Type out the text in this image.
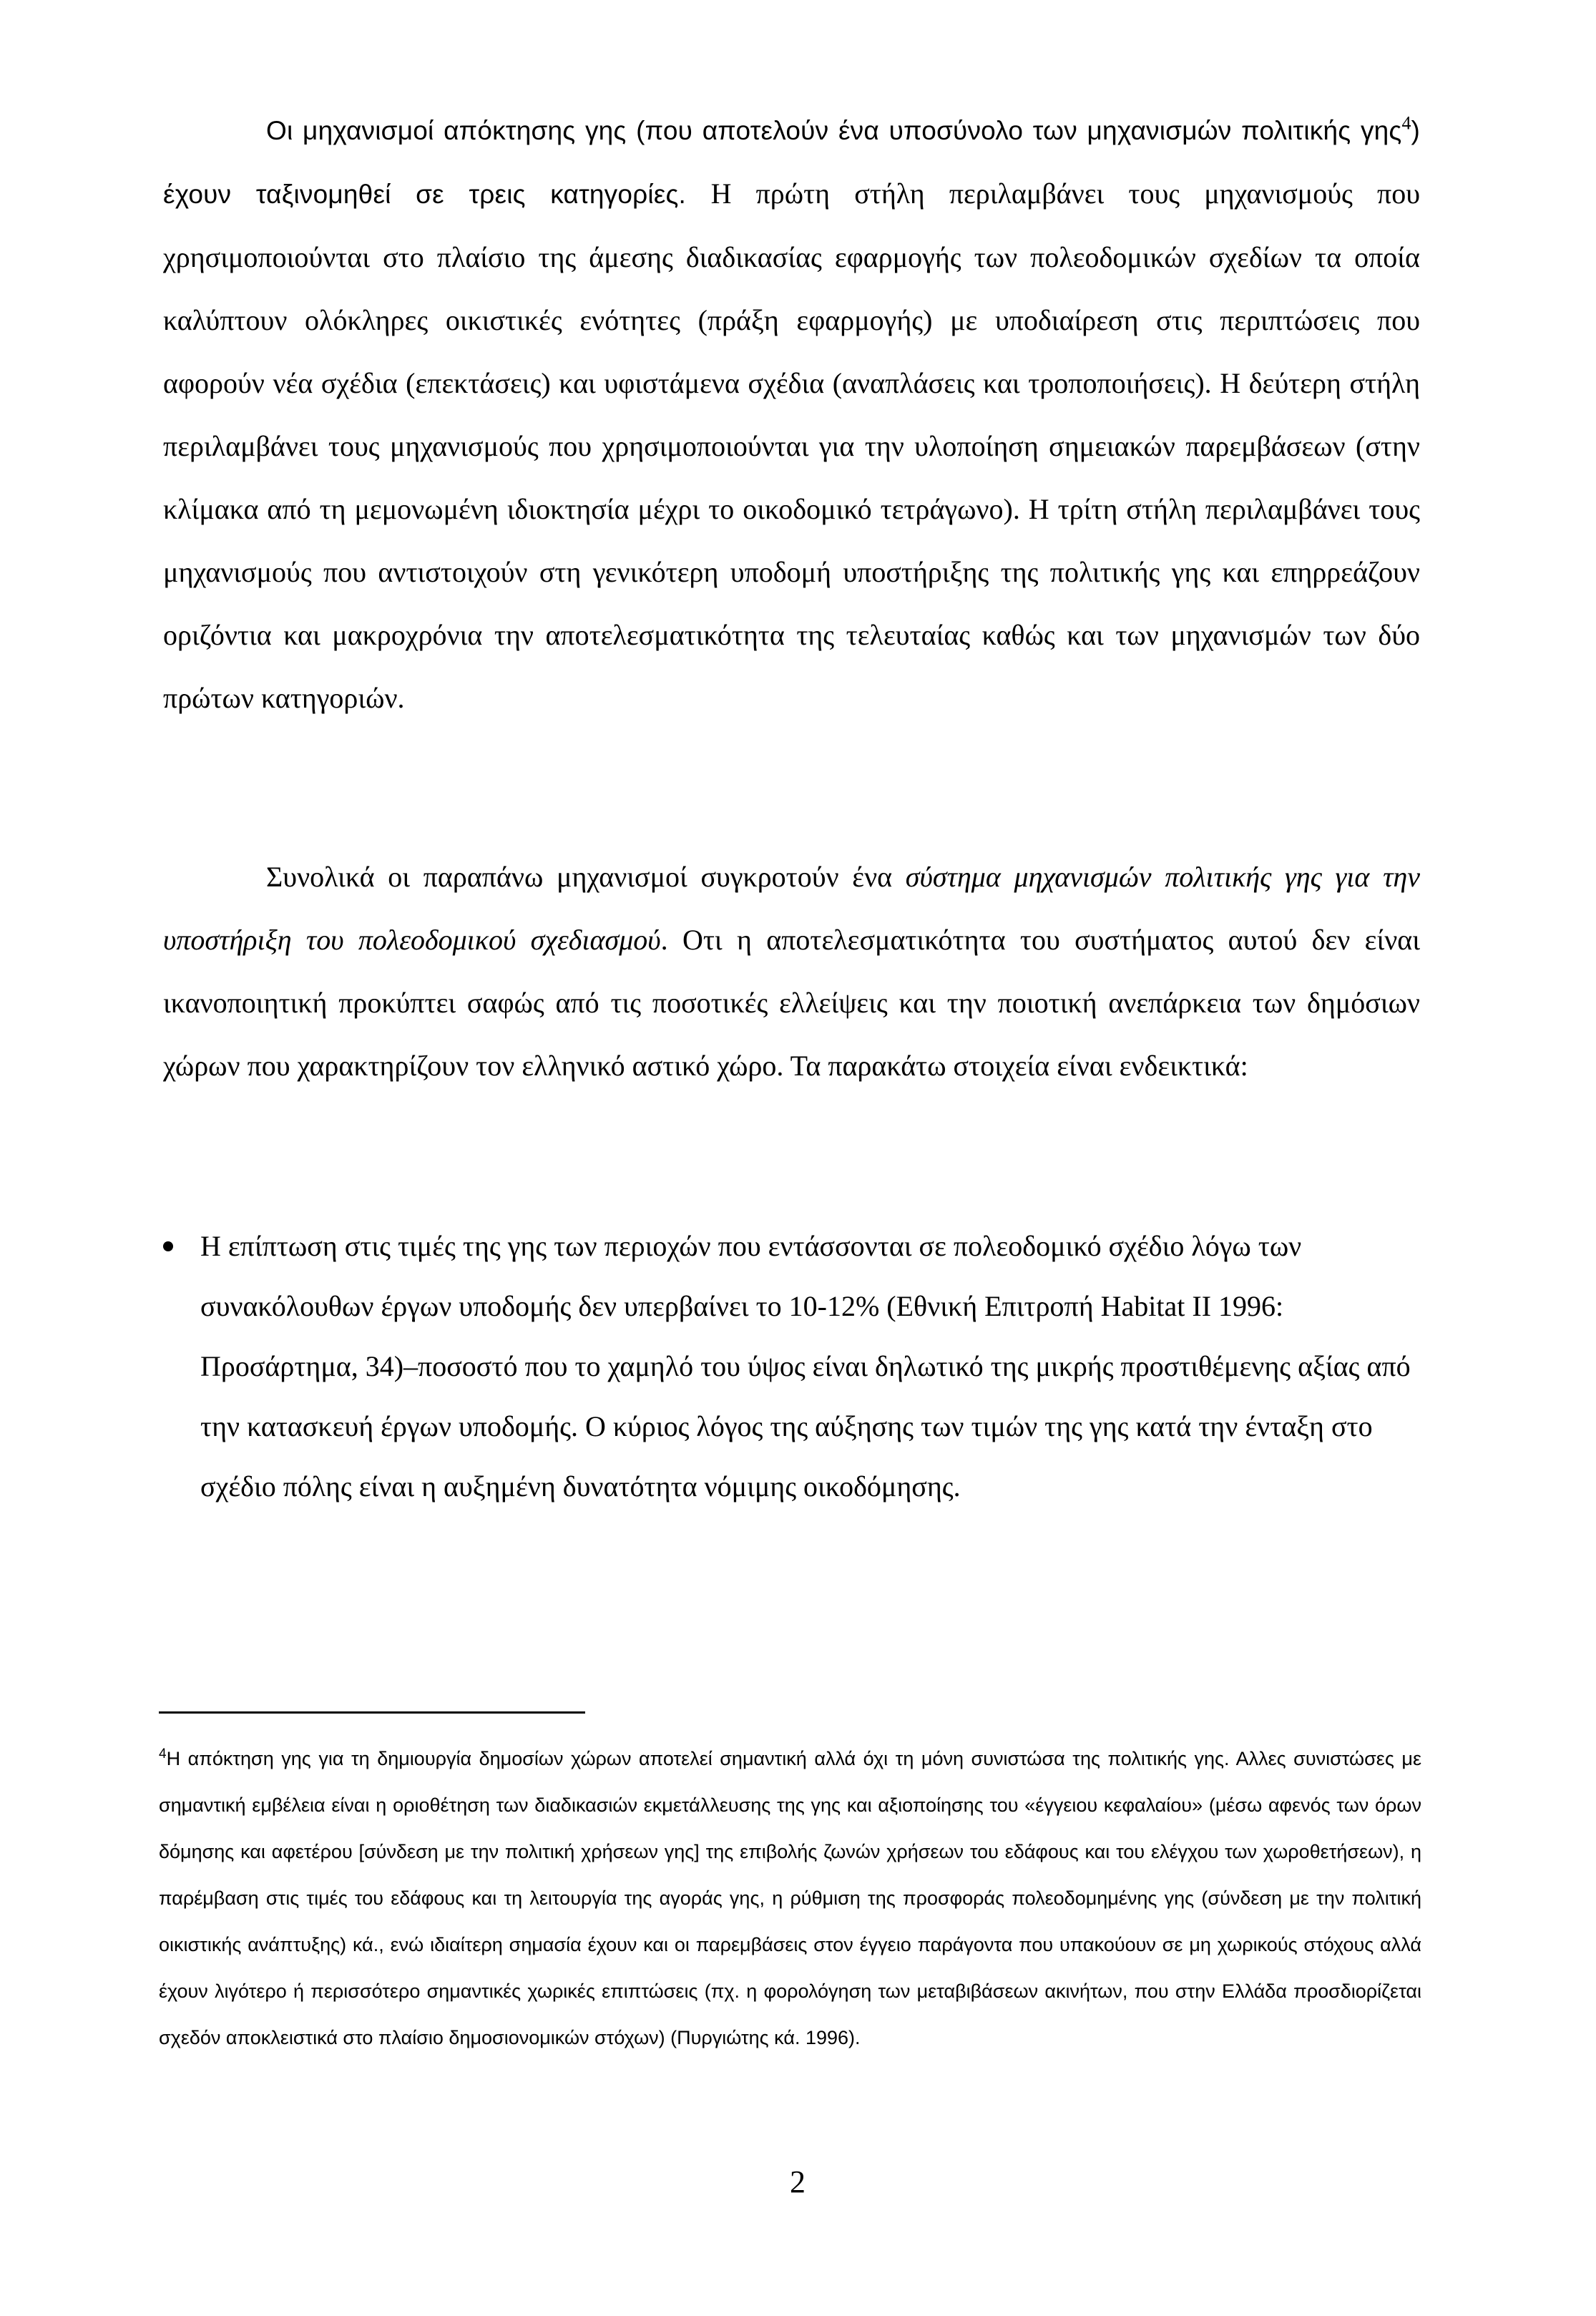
Οι μηχανισμοί απόκτησης γης (που αποτελούν ένα υποσύνολο των μηχανισμών πολιτικής γης$^4$) έχουν ταξινομηθεί σε τρεις κατηγορίες. Η πρώτη στήλη περιλαμβάνει τους μηχανισμούς που χρησιμοποιούνται στο πλαίσιο της άμεσης διαδικασίας εφαρμογής των πολεοδομικών σχεδίων τα οποία καλύπτουν ολόκληρες οικιστικές ενότητες (πράξη εφαρμογής) με υποδιαίρεση στις περιπτώσεις που αφορούν νέα σχέδια (επεκτάσεις) και υφιστάμενα σχέδια (αναπλάσεις και τροποποιήσεις). Η δεύτερη στήλη περιλαμβάνει τους μηχανισμούς που χρησιμοποιούνται για την υλοποίηση σημειακών παρεμβάσεων (στην κλίμακα από τη μεμονωμένη ιδιοκτησία μέχρι το οικοδομικό τετράγωνο). Η τρίτη στήλη περιλαμβάνει τους μηχανισμούς που αντιστοιχούν στη γενικότερη υποδομή υποστήριξης της πολιτικής γης και επηρρεάζουν οριζόντια και μακροχρόνια την αποτελεσματικότητα της τελευταίας καθώς και των μηχανισμών των δύο πρώτων κατηγοριών.

Συνολικά οι παραπάνω μηχανισμοί συγκροτούν ένα σύστημα μηχανισμών πολιτικής γης για την υποστήριξη του πολεοδομικού σχεδιασμού. Οτι η αποτελεσματικότητα του συστήματος αυτού δεν είναι ικανοποιητική προκύπτει σαφώς από τις ποσοτικές ελλείψεις και την ποιοτική ανεπάρκεια των δημόσιων χώρων που χαρακτηρίζουν τον ελληνικό αστικό χώρο. Τα παρακάτω στοιχεία είναι ενδεικτικά:

Η επίπτωση στις τιμές της γης των περιοχών που εντάσσονται σε πολεοδομικό σχέδιο λόγω των συνακόλουθων έργων υποδομής δεν υπερβαίνει το 10-12% (Εθνική Επιτροπή Habitat II 1996: Προσάρτημα, 34)–ποσοστό που το χαμηλό του ύψος είναι δηλωτικό της μικρής προστιθέμενης αξίας από την κατασκευή έργων υποδομής. Ο κύριος λόγος της αύξησης των τιμών της γης κατά την ένταξη στο σχέδιο πόλης είναι η αυξημένη δυνατότητα νόμιμης οικοδόμησης.

$^4$Η απόκτηση γης για τη δημιουργία δημοσίων χώρων αποτελεί σημαντική αλλά όχι τη μόνη συνιστώσα της πολιτικής γης. Αλλες συνιστώσες με σημαντική εμβέλεια είναι η οριοθέτηση των διαδικασιών εκμετάλλευσης της γης και αξιοποίησης του «έγγειου κεφαλαίου» (μέσω αφενός των όρων δόμησης και αφετέρου [σύνδεση με την πολιτική χρήσεων γης] της επιβολής ζωνών χρήσεων του εδάφους και του ελέγχου των χωροθετήσεων), η παρέμβαση στις τιμές του εδάφους και τη λειτουργία της αγοράς γης, η ρύθμιση της προσφοράς πολεοδομημένης γης (σύνδεση με την πολιτική οικιστικής ανάπτυξης) κά., ενώ ιδιαίτερη σημασία έχουν και οι παρεμβάσεις στον έγγειο παράγοντα που υπακούουν σε μη χωρικούς στόχους αλλά έχουν λιγότερο ή περισσότερο σημαντικές χωρικές επιπτώσεις (πχ. η φορολόγηση των μεταβιβάσεων ακινήτων, που στην Ελλάδα προσδιορίζεται σχεδόν αποκλειστικά στο πλαίσιο δημοσιονομικών στόχων) (Πυργιώτης κά. 1996).

2
